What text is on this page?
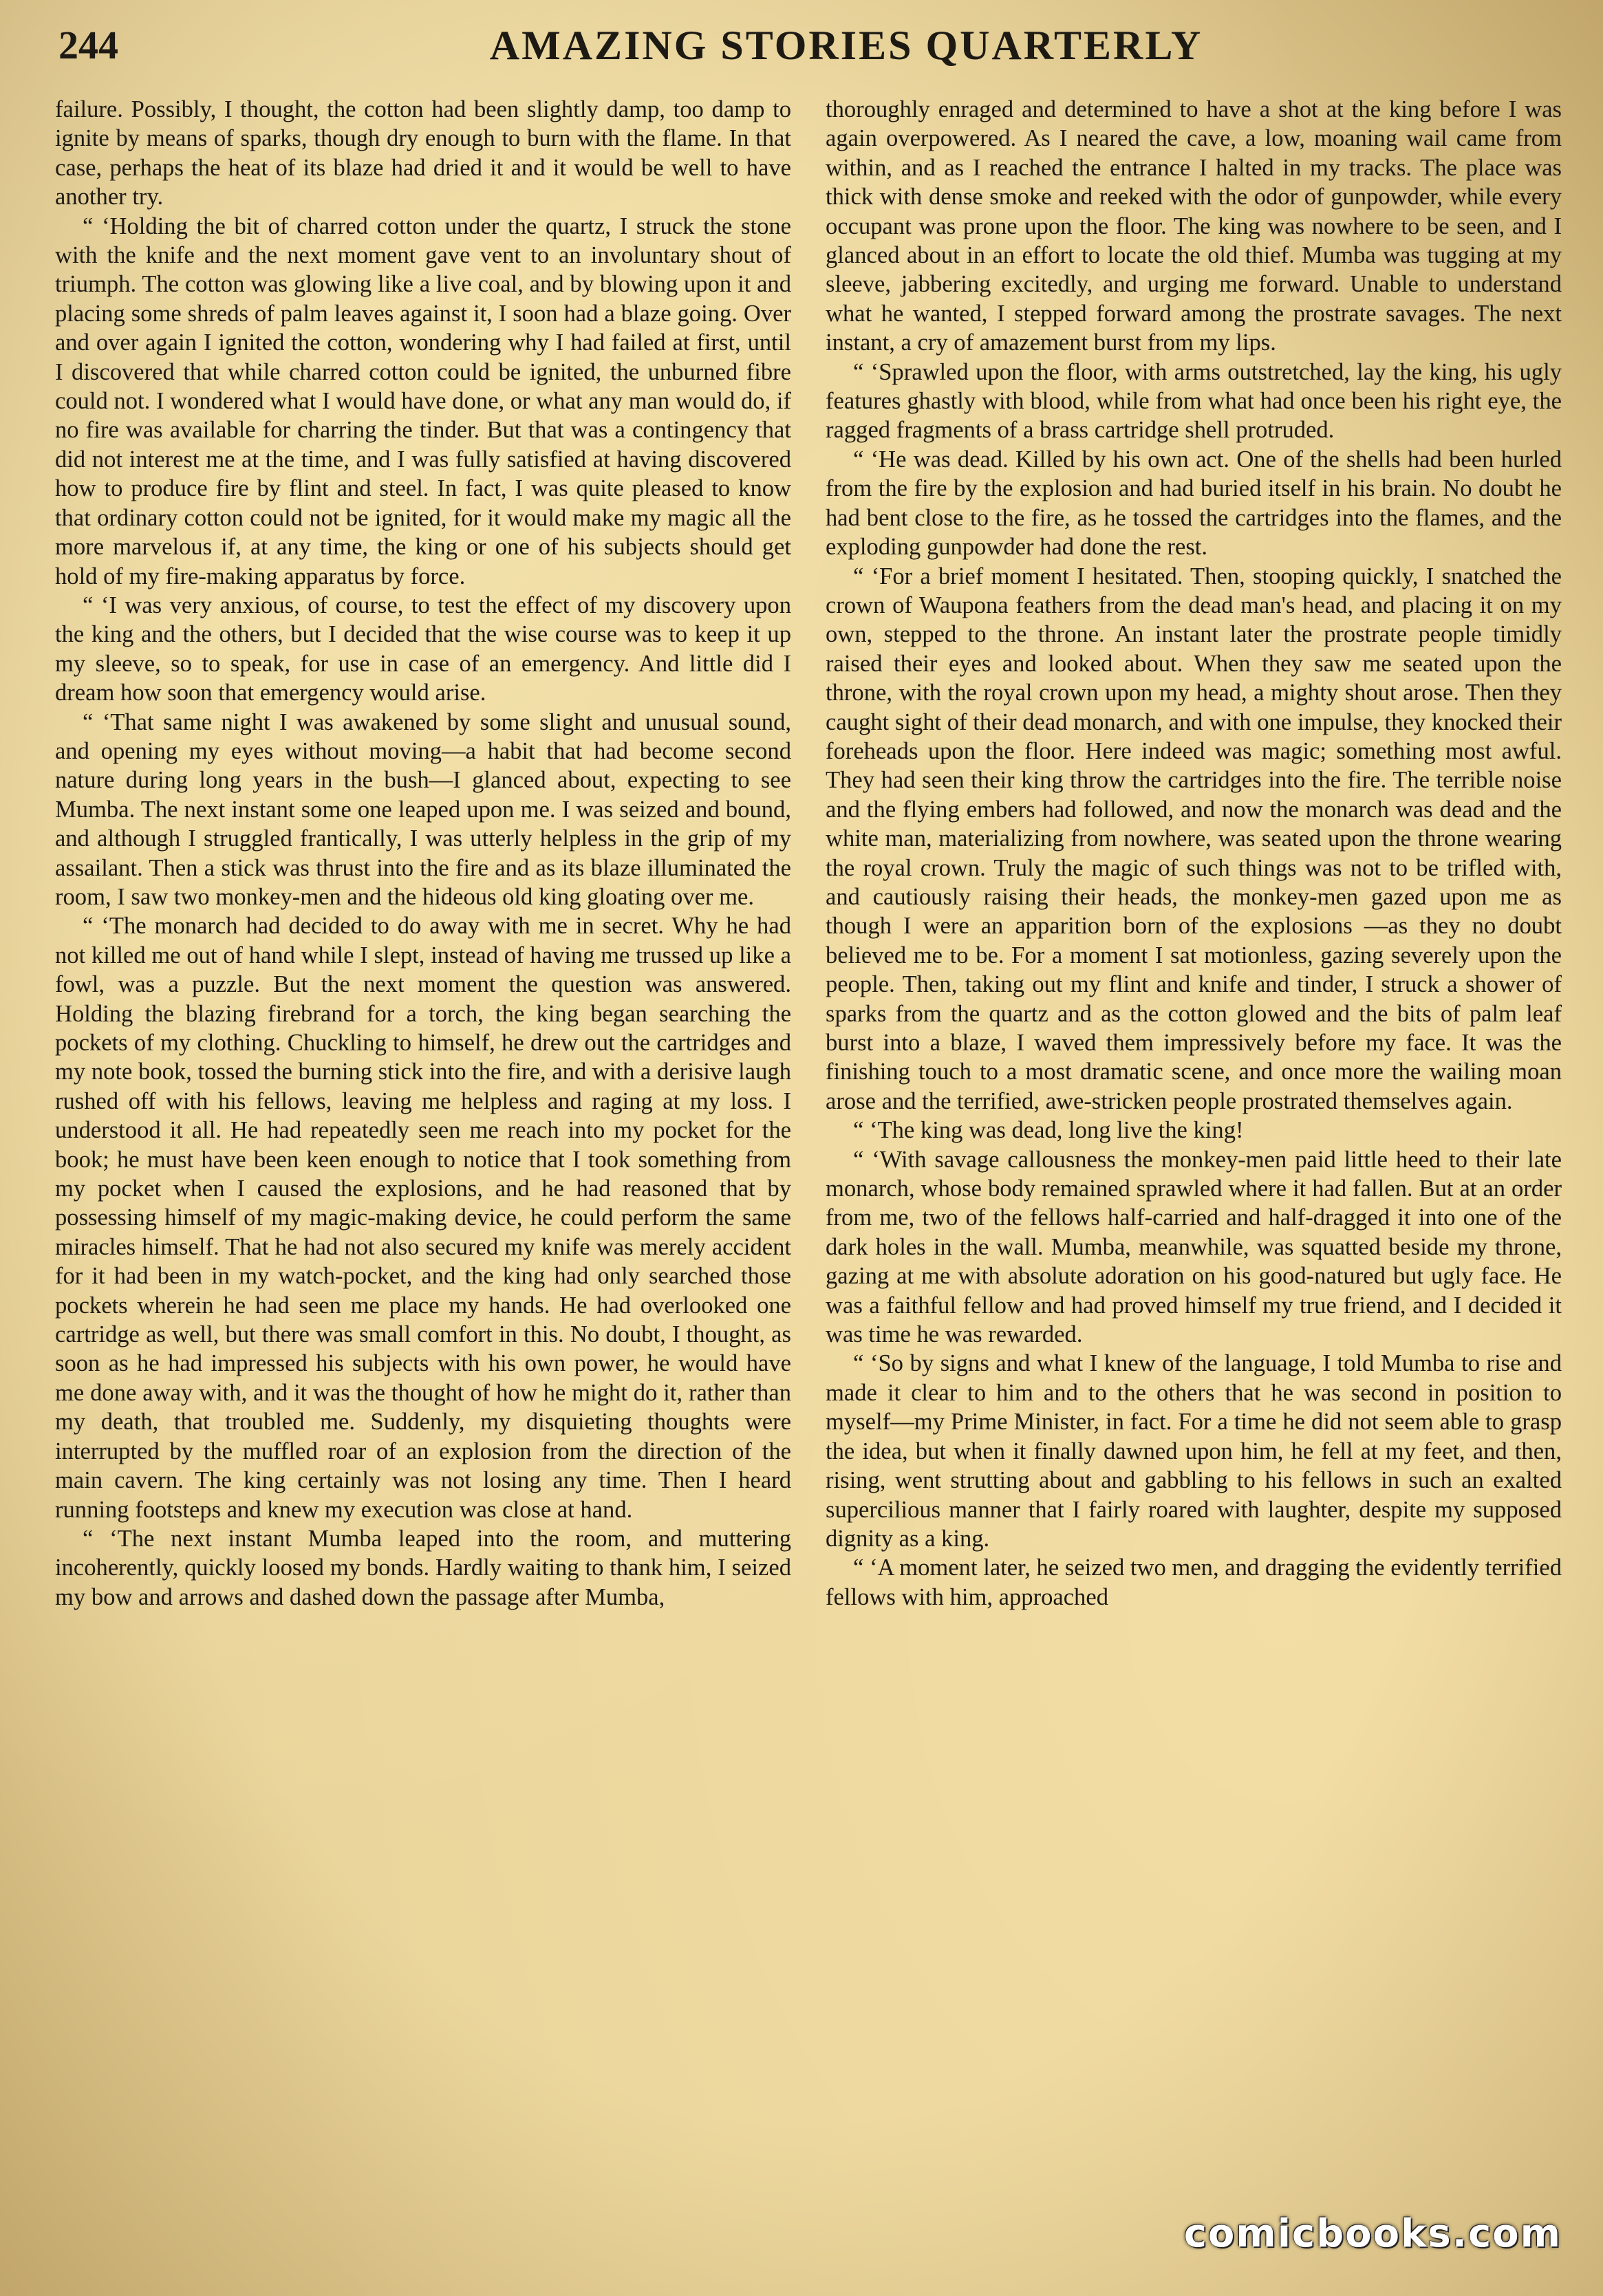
244	AMAZING STORIES QUARTERLY

failure. Possibly, I thought, the cotton had been slightly damp, too damp to ignite by means of sparks, though dry enough to burn with the flame. In that case, perhaps the heat of its blaze had dried it and it would be well to have another try.

“ ‘Holding the bit of charred cotton under the quartz, I struck the stone with the knife and the next moment gave vent to an involuntary shout of triumph. The cotton was glowing like a live coal, and by blowing upon it and placing some shreds of palm leaves against it, I soon had a blaze going. Over and over again I ignited the cotton, wondering why I had failed at first, until I discovered that while charred cotton could be ignited, the unburned fibre could not. I wondered what I would have done, or what any man would do, if no fire was available for charring the tinder. But that was a contingency that did not interest me at the time, and I was fully satisfied at having discovered how to produce fire by flint and steel. In fact, I was quite pleased to know that ordinary cotton could not be ignited, for it would make my magic all the more marvelous if, at any time, the king or one of his subjects should get hold of my fire-making apparatus by force.

“ ‘I was very anxious, of course, to test the effect of my discovery upon the king and the others, but I decided that the wise course was to keep it up my sleeve, so to speak, for use in case of an emergency. And little did I dream how soon that emergency would arise.

“ ‘That same night I was awakened by some slight and unusual sound, and opening my eyes without moving—a habit that had become second nature during long years in the bush—I glanced about, expecting to see Mumba. The next instant some one leaped upon me. I was seized and bound, and although I struggled frantically, I was utterly helpless in the grip of my assailant. Then a stick was thrust into the fire and as its blaze illuminated the room, I saw two monkey-men and the hideous old king gloating over me.

“ ‘The monarch had decided to do away with me in secret. Why he had not killed me out of hand while I slept, instead of having me trussed up like a fowl, was a puzzle. But the next moment the question was answered. Holding the blazing firebrand for a torch, the king began searching the pockets of my clothing. Chuckling to himself, he drew out the cartridges and my note book, tossed the burning stick into the fire, and with a derisive laugh rushed off with his fellows, leaving me helpless and raging at my loss. I understood it all. He had repeatedly seen me reach into my pocket for the book; he must have been keen enough to notice that I took something from my pocket when I caused the explosions, and he had reasoned that by possessing himself of my magic-making device, he could perform the same miracles himself. That he had not also secured my knife was merely accident for it had been in my watch-pocket, and the king had only searched those pockets wherein he had seen me place my hands. He had overlooked one cartridge as well, but there was small comfort in this. No doubt, I thought, as soon as he had impressed his subjects with his own power, he would have me done away with, and it was the thought of how he might do it, rather than my death, that troubled me. Suddenly, my disquieting thoughts were interrupted by the muffled roar of an explosion from the direction of the main cavern. The king certainly was not losing any time. Then I heard running footsteps and knew my execution was close at hand.

“ ‘The next instant Mumba leaped into the room, and muttering incoherently, quickly loosed my bonds. Hardly waiting to thank him, I seized my bow and arrows and dashed down the passage after Mumba,

thoroughly enraged and determined to have a shot at the king before I was again overpowered. As I neared the cave, a low, moaning wail came from within, and as I reached the entrance I halted in my tracks. The place was thick with dense smoke and reeked with the odor of gunpowder, while every occupant was prone upon the floor. The king was nowhere to be seen, and I glanced about in an effort to locate the old thief. Mumba was tugging at my sleeve, jabbering excitedly, and urging me forward. Unable to understand what he wanted, I stepped forward among the prostrate savages. The next instant, a cry of amazement burst from my lips.

“ ‘Sprawled upon the floor, with arms outstretched, lay the king, his ugly features ghastly with blood, while from what had once been his right eye, the ragged fragments of a brass cartridge shell protruded.

“ ‘He was dead. Killed by his own act. One of the shells had been hurled from the fire by the explosion and had buried itself in his brain. No doubt he had bent close to the fire, as he tossed the cartridges into the flames, and the exploding gunpowder had done the rest.

“ ‘For a brief moment I hesitated. Then, stooping quickly, I snatched the crown of Waupona feathers from the dead man's head, and placing it on my own, stepped to the throne. An instant later the prostrate people timidly raised their eyes and looked about. When they saw me seated upon the throne, with the royal crown upon my head, a mighty shout arose. Then they caught sight of their dead monarch, and with one impulse, they knocked their foreheads upon the floor. Here indeed was magic; something most awful. They had seen their king throw the cartridges into the fire. The terrible noise and the flying embers had followed, and now the monarch was dead and the white man, materializing from nowhere, was seated upon the throne wearing the royal crown. Truly the magic of such things was not to be trifled with, and cautiously raising their heads, the monkey-men gazed upon me as though I were an apparition born of the explosions —as they no doubt believed me to be. For a moment I sat motionless, gazing severely upon the people. Then, taking out my flint and knife and tinder, I struck a shower of sparks from the quartz and as the cotton glowed and the bits of palm leaf burst into a blaze, I waved them impressively before my face. It was the finishing touch to a most dramatic scene, and once more the wailing moan arose and the terrified, awe-stricken people prostrated themselves again.

“ ‘The king was dead, long live the king!

“ ‘With savage callousness the monkey-men paid little heed to their late monarch, whose body remained sprawled where it had fallen. But at an order from me, two of the fellows half-carried and half-dragged it into one of the dark holes in the wall. Mumba, meanwhile, was squatted beside my throne, gazing at me with absolute adoration on his good-natured but ugly face. He was a faithful fellow and had proved himself my true friend, and I decided it was time he was rewarded.

“ ‘So by signs and what I knew of the language, I told Mumba to rise and made it clear to him and to the others that he was second in position to myself—my Prime Minister, in fact. For a time he did not seem able to grasp the idea, but when it finally dawned upon him, he fell at my feet, and then, rising, went strutting about and gabbling to his fellows in such an exalted supercilious manner that I fairly roared with laughter, despite my supposed dignity as a king.

“ ‘A moment later, he seized two men, and dragging the evidently terrified fellows with him, approached

comicbooks.com
